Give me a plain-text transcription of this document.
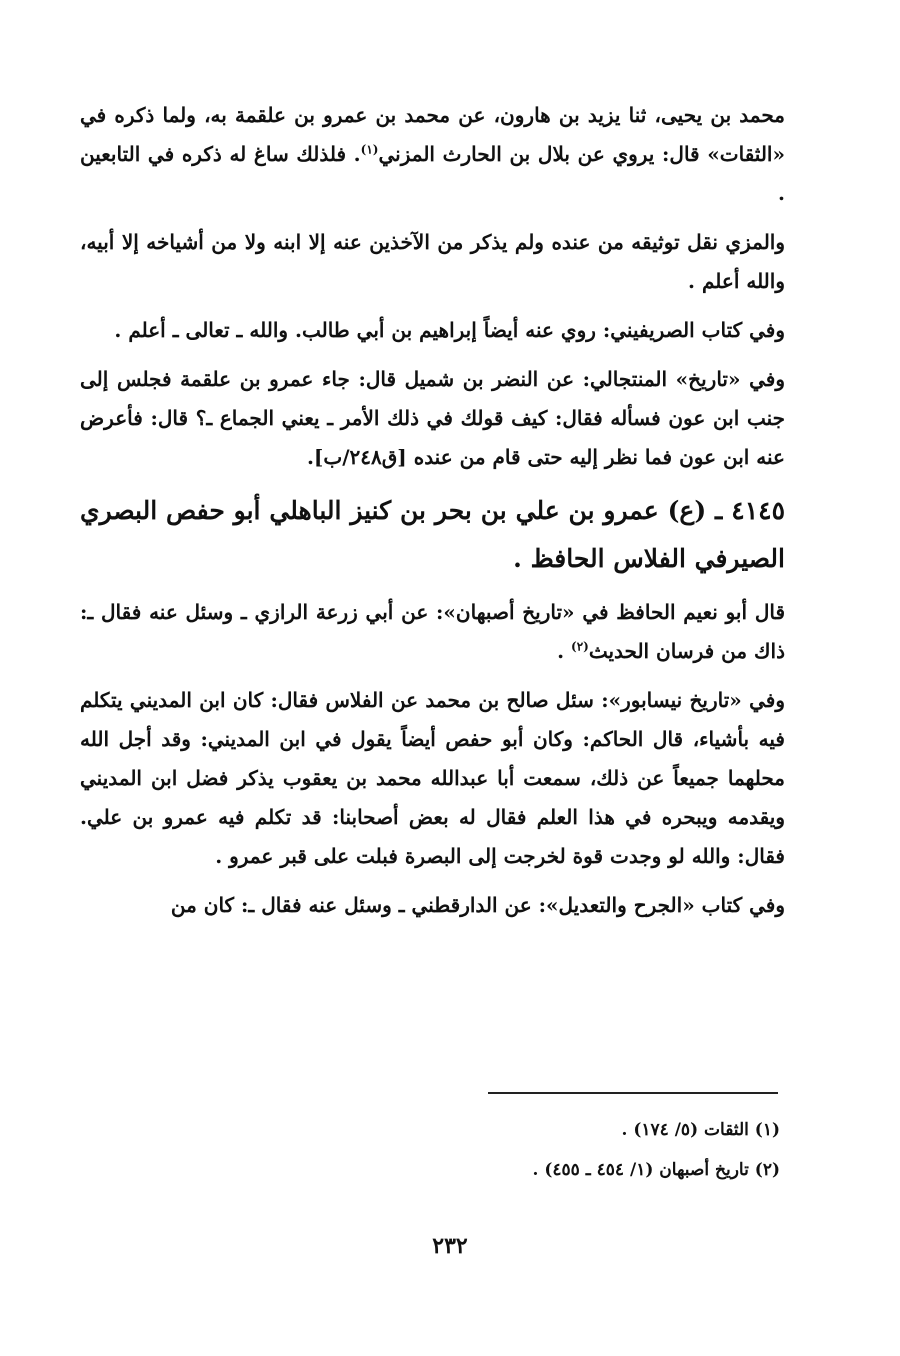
محمد بن يحيى، ثنا يزيد بن هارون، عن محمد بن عمرو بن علقمة به، ولما ذكره في «الثقات» قال: يروي عن بلال بن الحارث المزني$^{(١)}$. فلذلك ساغ له ذكره في التابعين .

والمزي نقل توثيقه من عنده ولم يذكر من الآخذين عنه إلا ابنه ولا من أشياخه إلا أبيه، والله أعلم .

وفي كتاب الصريفيني: روي عنه أيضاً إبراهيم بن أبي طالب. والله ـ تعالى ـ أعلم .

وفي «تاريخ» المنتجالي: عن النضر بن شميل قال: جاء عمرو بن علقمة فجلس إلى جنب ابن عون فسأله فقال: كيف قولك في ذلك الأمر ـ يعني الجماع ـ؟ قال: فأعرض عنه ابن عون فما نظر إليه حتى قام من عنده [ق٢٤٨/ب].

٤١٤٥ ـ (ع) عمرو بن علي بن بحر بن كنيز الباهلي أبو حفص البصري الصيرفي الفلاس الحافظ .

قال أبو نعيم الحافظ في «تاريخ أصبهان»: عن أبي زرعة الرازي ـ وسئل عنه فقال ـ: ذاك من فرسان الحديث$^{(٢)}$ .

وفي «تاريخ نيسابور»: سئل صالح بن محمد عن الفلاس فقال: كان ابن المديني يتكلم فيه بأشياء، قال الحاكم: وكان أبو حفص أيضاً يقول في ابن المديني: وقد أجل الله محلهما جميعاً عن ذلك، سمعت أبا عبدالله محمد بن يعقوب يذكر فضل ابن المديني ويقدمه ويبحره في هذا العلم فقال له بعض أصحابنا: قد تكلم فيه عمرو بن علي. فقال: والله لو وجدت قوة لخرجت إلى البصرة فبلت على قبر عمرو .

وفي كتاب «الجرح والتعديل»: عن الدارقطني ـ وسئل عنه فقال ـ: كان من

(١) الثقات (٥/ ١٧٤) .

(٢) تاريخ أصبهان (١/ ٤٥٤ ـ ٤٥٥) .

٢٣٢
